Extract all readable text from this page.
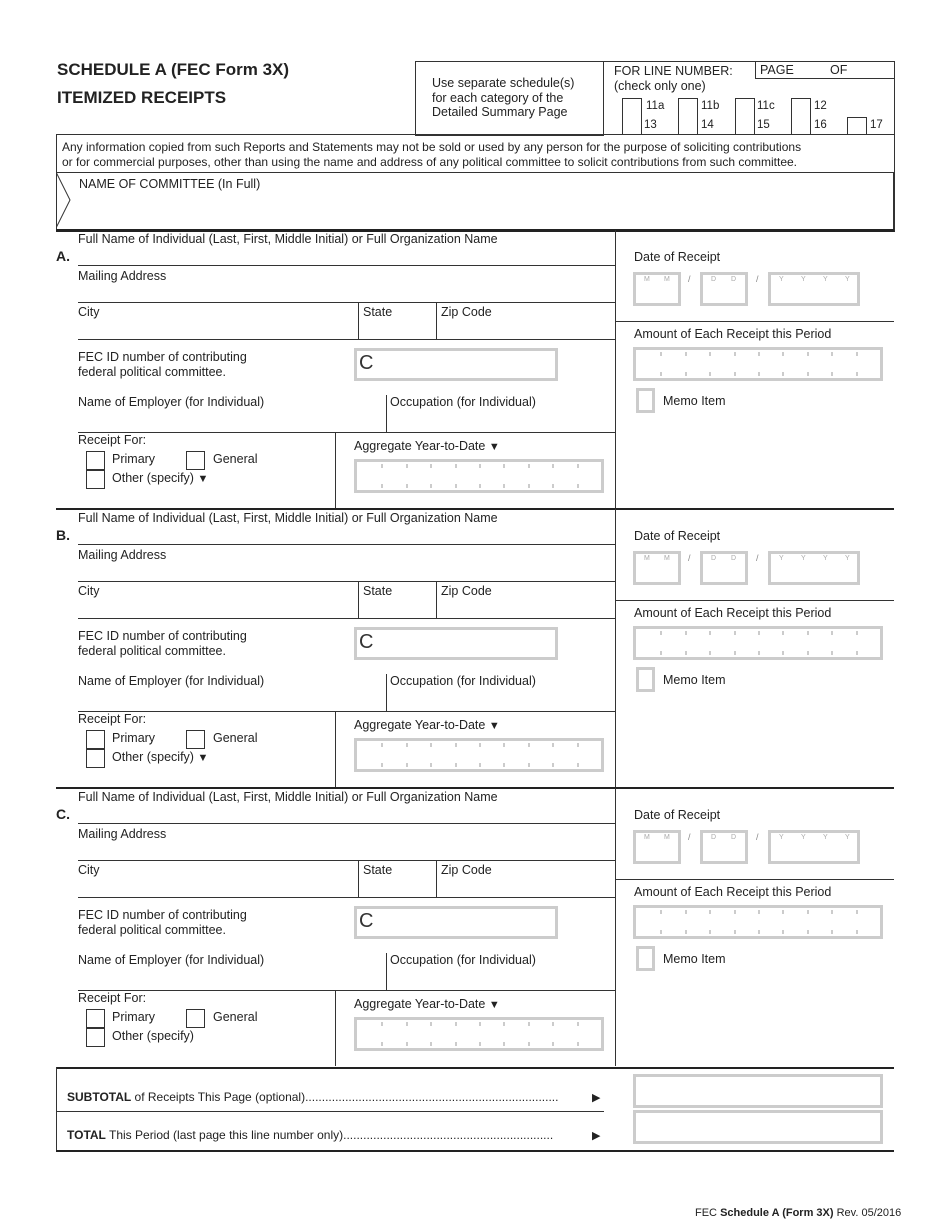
SCHEDULE A (FEC Form 3X)
ITEMIZED RECEIPTS
Use separate schedule(s)
for each category of the
Detailed Summary Page
FOR LINE NUMBER:
(check only one)
PAGE	OF
11a
13
11b
14
11c
15
12
16	17
Any information copied from such Reports and Statements may not be sold or used by any person for the purpose of soliciting contributions
or for commercial purposes, other than using the name and address of any political committee to solicit contributions from such committee.
NAME OF COMMITTEE (In Full)
A.
Full Name of Individual (Last, First, Middle Initial) or Full Organization Name
Mailing Address
City	State	Zip Code
FEC ID number of contributing
federal political committee.	C
Name of Employer (for Individual)	Occupation (for Individual)
Receipt For:
Primary	General
Other (specify) ▼
Aggregate Year-to-Date ▼
Date of Receipt
M M /	D D /	Y Y Y Y
Amount of Each Receipt this Period
Memo Item
B.
Full Name of Individual (Last, First, Middle Initial) or Full Organization Name
Mailing Address
City	State	Zip Code
FEC ID number of contributing
federal political committee.	C
Name of Employer (for Individual)	Occupation (for Individual)
Receipt For:
Primary	General
Other (specify) ▼
Aggregate Year-to-Date ▼
Date of Receipt
M M /	D D /	Y Y Y Y
Amount of Each Receipt this Period
Memo Item
C.
Full Name of Individual (Last, First, Middle Initial) or Full Organization Name
Mailing Address
City	State	Zip Code
FEC ID number of contributing
federal political committee.	C
Name of Employer (for Individual)	Occupation (for Individual)
Receipt For:
Primary	General
Other (specify)
Aggregate Year-to-Date ▼
Date of Receipt
M M /	D D /	Y Y Y Y
Amount of Each Receipt this Period
Memo Item
SUBTOTAL of Receipts This Page (optional)............................................................................	▶
TOTAL This Period (last page this line number only)...............................................................	▶
FEC Schedule A (Form 3X) Rev. 05/2016
